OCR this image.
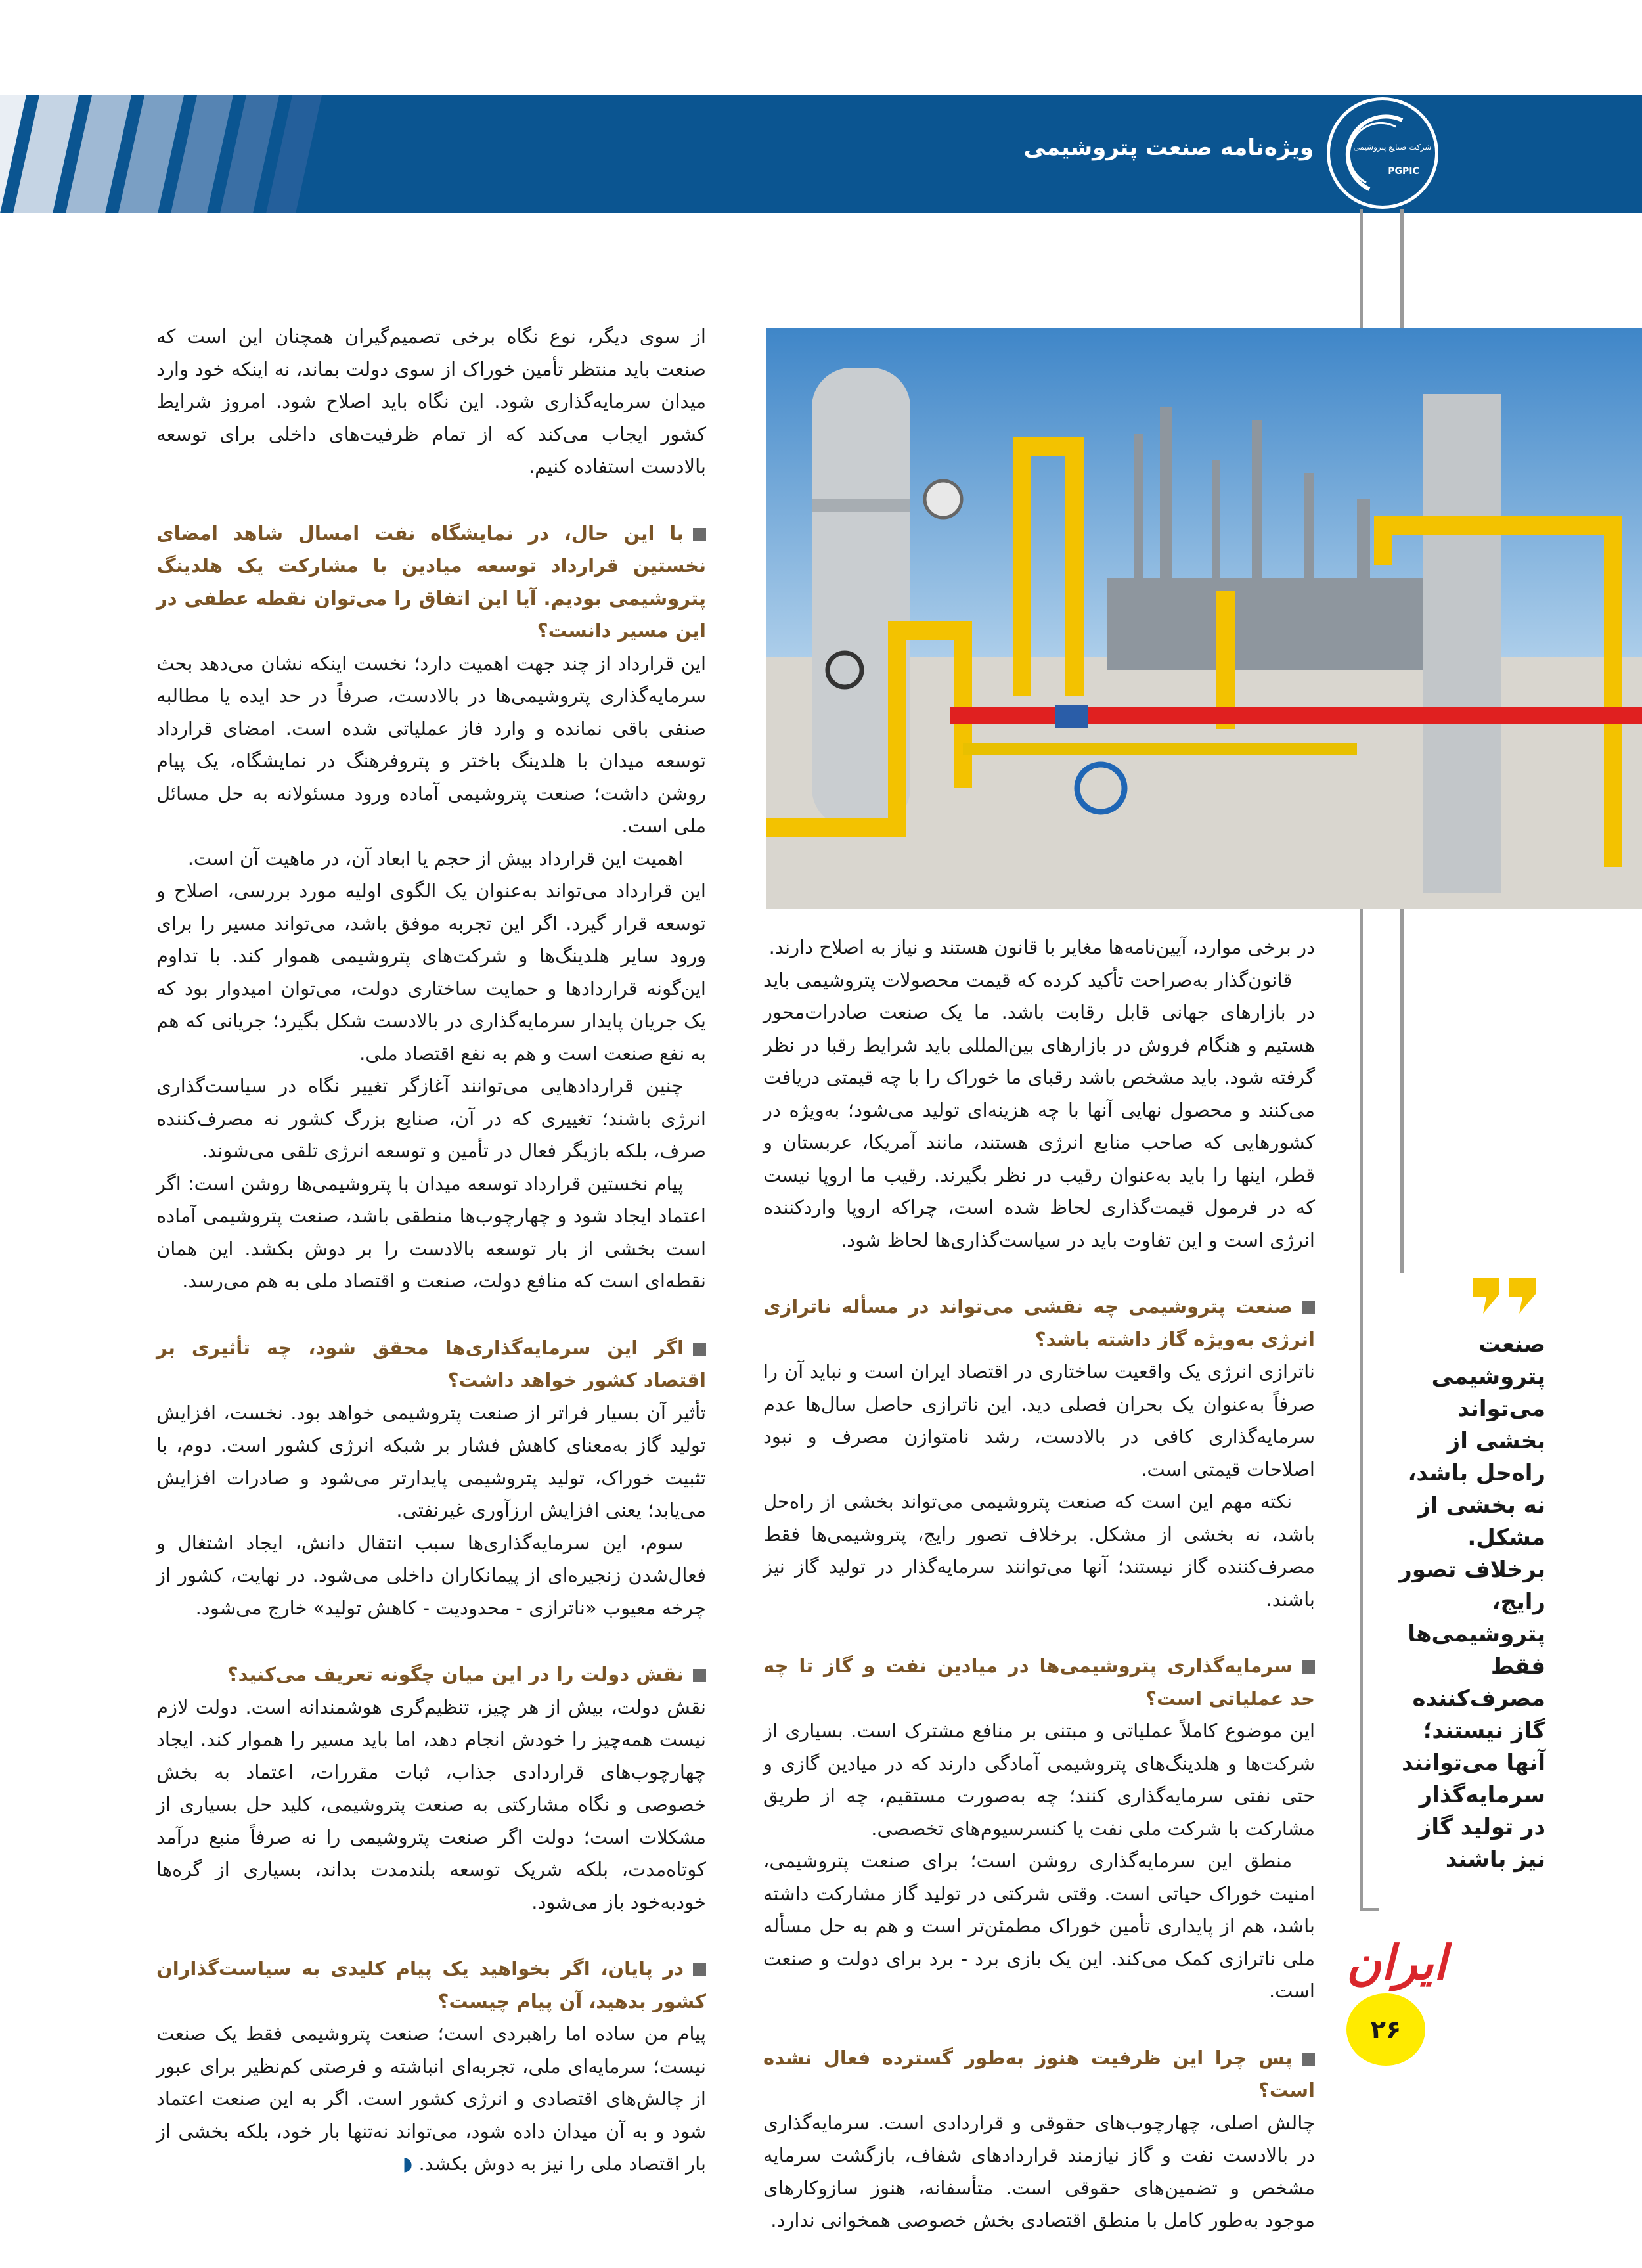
ویژه‌نامه صنعت پتروشیمی	شرکت صنایع پتروشیمی
PGPIC

از سوی دیگر، نوع نگاه برخی تصمیم‌گیران همچنان این است که صنعت باید منتظر تأمین خوراک از سوی دولت بماند، نه اینکه خود وارد میدان سرمایه‌گذاری شود. این نگاه باید اصلاح شود. امروز شرایط کشور ایجاب می‌کند که از تمام ظرفیت‌های داخلی برای توسعه بالادست استفاده کنیم.

با این حال، در نمایشگاه نفت امسال شاهد امضای نخستین قرارداد توسعه میادین با مشارکت یک هلدینگ پتروشیمی بودیم. آیا این اتفاق را می‌توان نقطه عطفی در این مسیر دانست؟

این قرارداد از چند جهت اهمیت دارد؛ نخست اینکه نشان می‌دهد بحث سرمایه‌گذاری پتروشیمی‌ها در بالادست، صرفاً در حد ایده یا مطالبه صنفی باقی نمانده و وارد فاز عملیاتی شده است. امضای قرارداد توسعه میدان با هلدینگ باختر و پتروفرهنگ در نمایشگاه، یک پیام روشن داشت؛ صنعت پتروشیمی آماده ورود مسئولانه به حل مسائل ملی است.

اهمیت این قرارداد بیش از حجم یا ابعاد آن، در ماهیت آن است.

این قرارداد می‌تواند به‌عنوان یک الگوی اولیه مورد بررسی، اصلاح و توسعه قرار گیرد. اگر این تجربه موفق باشد، می‌تواند مسیر را برای ورود سایر هلدینگ‌ها و شرکت‌های پتروشیمی هموار کند. با تداوم این‌گونه قراردادها و حمایت ساختاری دولت، می‌توان امیدوار بود که یک جریان پایدار سرمایه‌گذاری در بالادست شکل بگیرد؛ جریانی که هم به نفع صنعت است و هم به نفع اقتصاد ملی.

چنین قراردادهایی می‌توانند آغازگر تغییر نگاه در سیاست‌گذاری انرژی باشند؛ تغییری که در آن، صنایع بزرگ کشور نه مصرف‌کننده صرف، بلکه بازیگر فعال در تأمین و توسعه انرژی تلقی می‌شوند.

پیام نخستین قرارداد توسعه میدان با پتروشیمی‌ها روشن است: اگر اعتماد ایجاد شود و چهارچوب‌ها منطقی باشد، صنعت پتروشیمی آماده است بخشی از بار توسعه بالادست را بر دوش بکشد. این همان نقطه‌ای است که منافع دولت، صنعت و اقتصاد ملی به هم می‌رسد.

اگر این سرمایه‌گذاری‌ها محقق شود، چه تأثیری بر اقتصاد کشور خواهد داشت؟

تأثیر آن بسیار فراتر از صنعت پتروشیمی خواهد بود. نخست، افزایش تولید گاز به‌معنای کاهش فشار بر شبکه انرژی کشور است. دوم، با تثبیت خوراک، تولید پتروشیمی پایدارتر می‌شود و صادرات افزایش می‌یابد؛ یعنی افزایش ارزآوری غیرنفتی.

سوم، این سرمایه‌گذاری‌ها سبب انتقال دانش، ایجاد اشتغال و فعال‌شدن زنجیره‌ای از پیمانکاران داخلی می‌شود. در نهایت، کشور از چرخه معیوب «ناترازی - محدودیت - کاهش تولید» خارج می‌شود.

نقش دولت را در این میان چگونه تعریف می‌کنید؟

نقش دولت، بیش از هر چیز، تنظیم‌گری هوشمندانه است. دولت لازم نیست همه‌چیز را خودش انجام دهد، اما باید مسیر را هموار کند. ایجاد چهارچوب‌های قراردادی جذاب، ثبات مقررات، اعتماد به بخش خصوصی و نگاه مشارکتی به صنعت پتروشیمی، کلید حل بسیاری از مشکلات است؛ دولت اگر صنعت پتروشیمی را نه صرفاً منبع درآمد کوتاه‌مدت، بلکه شریک توسعه بلندمدت بداند، بسیاری از گره‌ها خودبه‌خود باز می‌شود.

در پایان، اگر بخواهید یک پیام کلیدی به سیاست‌گذاران کشور بدهید، آن پیام چیست؟

پیام من ساده اما راهبردی است؛ صنعت پتروشیمی فقط یک صنعت نیست؛ سرمایه‌ای ملی، تجربه‌ای انباشته و فرصتی کم‌نظیر برای عبور از چالش‌های اقتصادی و انرژی کشور است. اگر به این صنعت اعتماد شود و به آن میدان داده شود، می‌تواند نه‌تنها بار خود، بلکه بخشی از بار اقتصاد ملی را نیز به دوش بکشد. ◗

در برخی موارد، آیین‌نامه‌ها مغایر با قانون هستند و نیاز به اصلاح دارند.

قانون‌گذار به‌صراحت تأکید کرده که قیمت محصولات پتروشیمی باید در بازارهای جهانی قابل رقابت باشد. ما یک صنعت صادرات‌محور هستیم و هنگام فروش در بازارهای بین‌المللی باید شرایط رقبا در نظر گرفته شود. باید مشخص باشد رقبای ما خوراک را با چه قیمتی دریافت می‌کنند و محصول نهایی آنها با چه هزینه‌ای تولید می‌شود؛ به‌ویژه در کشورهایی که صاحب منابع انرژی هستند، مانند آمریکا، عربستان و قطر، اینها را باید به‌عنوان رقیب در نظر بگیرند. رقیب ما اروپا نیست که در فرمول قیمت‌گذاری لحاظ شده است، چراکه اروپا واردکننده انرژی است و این تفاوت باید در سیاست‌گذاری‌ها لحاظ شود.

صنعت پتروشیمی چه نقشی می‌تواند در مسأله ناترازی انرژی به‌ویژه گاز داشته باشد؟

ناترازی انرژی یک واقعیت ساختاری در اقتصاد ایران است و نباید آن را صرفاً به‌عنوان یک بحران فصلی دید. این ناترازی حاصل سال‌ها عدم سرمایه‌گذاری کافی در بالادست، رشد نامتوازن مصرف و نبود اصلاحات قیمتی است.

نکته مهم این است که صنعت پتروشیمی می‌تواند بخشی از راه‌حل باشد، نه بخشی از مشکل. برخلاف تصور رایج، پتروشیمی‌ها فقط مصرف‌کننده گاز نیستند؛ آنها می‌توانند سرمایه‌گذار در تولید گاز نیز باشند.

سرمایه‌گذاری پتروشیمی‌ها در میادین نفت و گاز تا چه حد عملیاتی است؟

این موضوع کاملاً عملیاتی و مبتنی بر منافع مشترک است. بسیاری از شرکت‌ها و هلدینگ‌های پتروشیمی آمادگی دارند که در میادین گازی و حتی نفتی سرمایه‌گذاری کنند؛ چه به‌صورت مستقیم، چه از طریق مشارکت با شرکت ملی نفت یا کنسرسیوم‌های تخصصی.

منطق این سرمایه‌گذاری روشن است؛ برای صنعت پتروشیمی، امنیت خوراک حیاتی است. وقتی شرکتی در تولید گاز مشارکت داشته باشد، هم از پایداری تأمین خوراک مطمئن‌تر است و هم به حل مسأله ملی ناترازی کمک می‌کند. این یک بازی برد - برد برای دولت و صنعت است.

پس چرا این ظرفیت هنوز به‌طور گسترده فعال نشده است؟

چالش اصلی، چهارچوب‌های حقوقی و قراردادی است. سرمایه‌گذاری در بالادست نفت و گاز نیازمند قراردادهای شفاف، بازگشت سرمایه مشخص و تضمین‌های حقوقی است. متأسفانه، هنوز سازوکارهای موجود به‌طور کامل با منطق اقتصادی بخش خصوصی همخوانی ندارد.

صنعت پتروشیمی می‌تواند بخشی از راه‌حل باشد، نه بخشی از مشکل. برخلاف تصور رایج، پتروشیمی‌ها فقط مصرف‌کننده گاز نیستند؛ آنها می‌توانند سرمایه‌گذار در تولید گاز نیز باشند
ایران
۲۶
